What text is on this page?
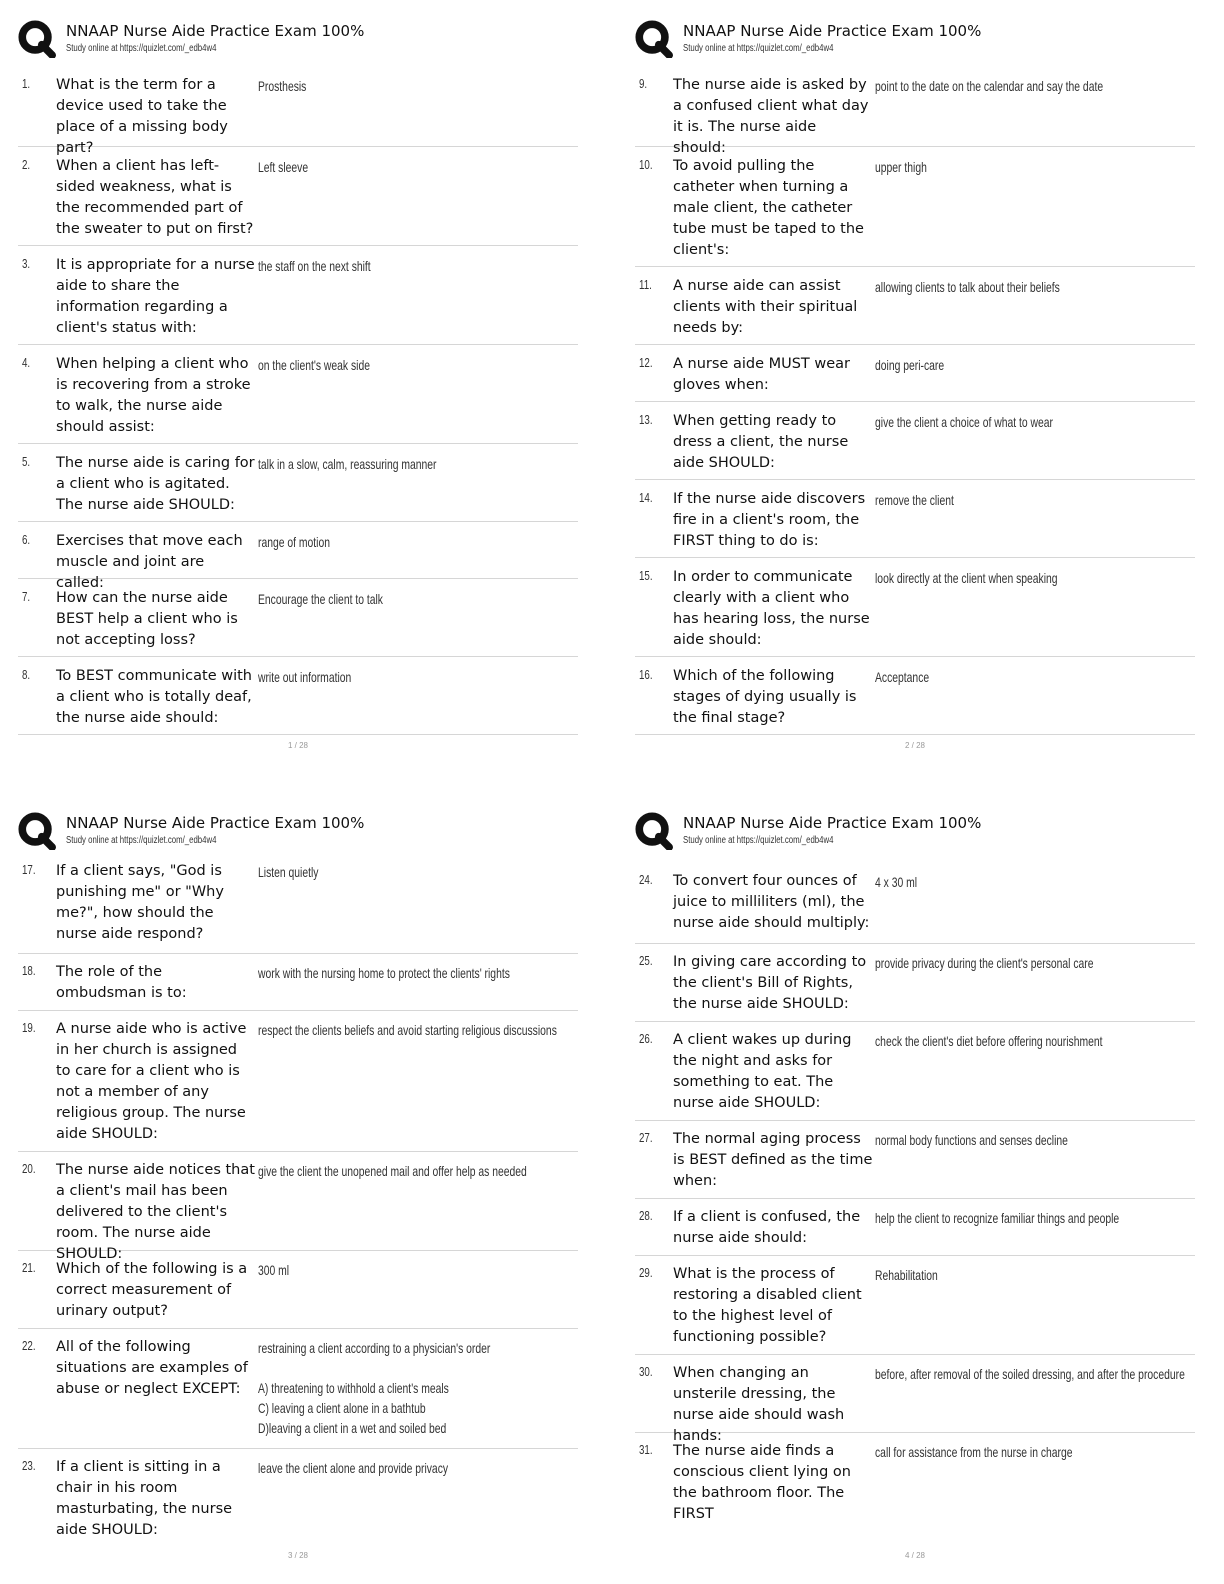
NNAAP Nurse Aide Practice Exam 100%
Study online at https://quizlet.com/_edb4w4
1. What is the term for a device used to take the place of a missing body part?
Prosthesis
2. When a client has left-sided weakness, what is the recommended part of the sweater to put on first?
Left sleeve
3. It is appropriate for a nurse aide to share the information regarding a client's status with:
the staff on the next shift
4. When helping a client who is recovering from a stroke to walk, the nurse aide should assist:
on the client's weak side
5. The nurse aide is caring for a client who is agitated. The nurse aide SHOULD:
talk in a slow, calm, reassuring manner
6. Exercises that move each muscle and joint are called:
range of motion
7. How can the nurse aide BEST help a client who is not accepting loss?
Encourage the client to talk
8. To BEST communicate with a client who is totally deaf, the nurse aide should:
write out information
1 / 28
NNAAP Nurse Aide Practice Exam 100%
Study online at https://quizlet.com/_edb4w4
9. The nurse aide is asked by a confused client what day it is. The nurse aide should:
point to the date on the calendar and say the date
10. To avoid pulling the catheter when turning a male client, the catheter tube must be taped to the client's:
upper thigh
11. A nurse aide can assist clients with their spiritual needs by:
allowing clients to talk about their beliefs
12. A nurse aide MUST wear gloves when:
doing peri-care
13. When getting ready to dress a client, the nurse aide SHOULD:
give the client a choice of what to wear
14. If the nurse aide discovers fire in a client's room, the FIRST thing to do is:
remove the client
15. In order to communicate clearly with a client who has hearing loss, the nurse aide should:
look directly at the client when speaking
16. Which of the following stages of dying usually is the final stage?
Acceptance
2 / 28
NNAAP Nurse Aide Practice Exam 100%
Study online at https://quizlet.com/_edb4w4
17. If a client says, "God is punishing me" or "Why me?", how should the nurse aide respond?
Listen quietly
18. The role of the ombudsman is to:
work with the nursing home to protect the clients' rights
19. A nurse aide who is active in her church is assigned to care for a client who is not a member of any religious group. The nurse aide SHOULD:
respect the clients beliefs and avoid starting religious discussions
20. The nurse aide notices that a client's mail has been delivered to the client's room. The nurse aide SHOULD:
give the client the unopened mail and offer help as needed
21. Which of the following is a correct measurement of urinary output?
300 ml
22. All of the following situations are examples of abuse or neglect EXCEPT:
restraining a client according to a physician's order

A) threatening to withhold a client's meals
C) leaving a client alone in a bathtub
D)leaving a client in a wet and soiled bed
23. If a client is sitting in a chair in his room masturbating, the nurse aide SHOULD:
leave the client alone and provide privacy
3 / 28
NNAAP Nurse Aide Practice Exam 100%
Study online at https://quizlet.com/_edb4w4
24. To convert four ounces of juice to milliliters (ml), the nurse aide should multiply:
4 x 30 ml
25. In giving care according to the client's Bill of Rights, the nurse aide SHOULD:
provide privacy during the client's personal care
26. A client wakes up during the night and asks for something to eat. The nurse aide SHOULD:
check the client's diet before offering nourishment
27. The normal aging process is BEST defined as the time when:
normal body functions and senses decline
28. If a client is confused, the nurse aide should:
help the client to recognize familiar things and people
29. What is the process of restoring a disabled client to the highest level of functioning possible?
Rehabilitation
30. When changing an unsterile dressing, the nurse aide should wash hands:
before, after removal of the soiled dressing, and after the procedure
31. The nurse aide finds a conscious client lying on the bathroom floor. The FIRST
call for assistance from the nurse in charge
4 / 28
